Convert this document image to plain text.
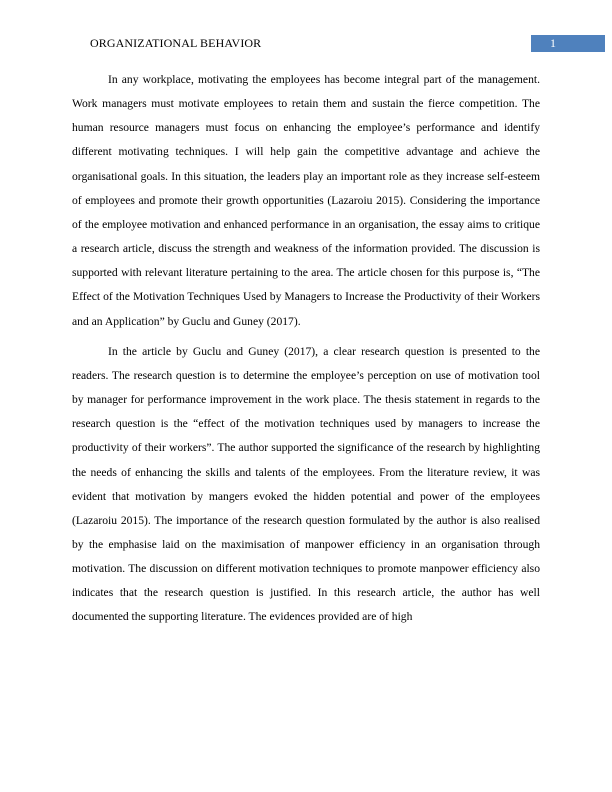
ORGANIZATIONAL BEHAVIOR	1

In any workplace, motivating the employees has become integral part of the management. Work managers must motivate employees to retain them and sustain the fierce competition. The human resource managers must focus on enhancing the employee’s performance and identify different motivating techniques. I will help gain the competitive advantage and achieve the organisational goals. In this situation, the leaders play an important role as they increase self-esteem of employees and promote their growth opportunities (Lazaroiu 2015). Considering the importance of the employee motivation and enhanced performance in an organisation, the essay aims to critique a research article, discuss the strength and weakness of the information provided. The discussion is supported with relevant literature pertaining to the area. The article chosen for this purpose is, “The Effect of the Motivation Techniques Used by Managers to Increase the Productivity of their Workers and an Application” by Guclu and Guney (2017).

In the article by Guclu and Guney (2017), a clear research question is presented to the readers. The research question is to determine the employee’s perception on use of motivation tool by manager for performance improvement in the work place. The thesis statement in regards to the research question is the “effect of the motivation techniques used by managers to increase the productivity of their workers”. The author supported the significance of the research by highlighting the needs of enhancing the skills and talents of the employees. From the literature review, it was evident that motivation by mangers evoked the hidden potential and power of the employees (Lazaroiu 2015). The importance of the research question formulated by the author is also realised by the emphasise laid on the maximisation of manpower efficiency in an organisation through motivation. The discussion on different motivation techniques to promote manpower efficiency also indicates that the research question is justified. In this research article, the author has well documented the supporting literature. The evidences provided are of high
